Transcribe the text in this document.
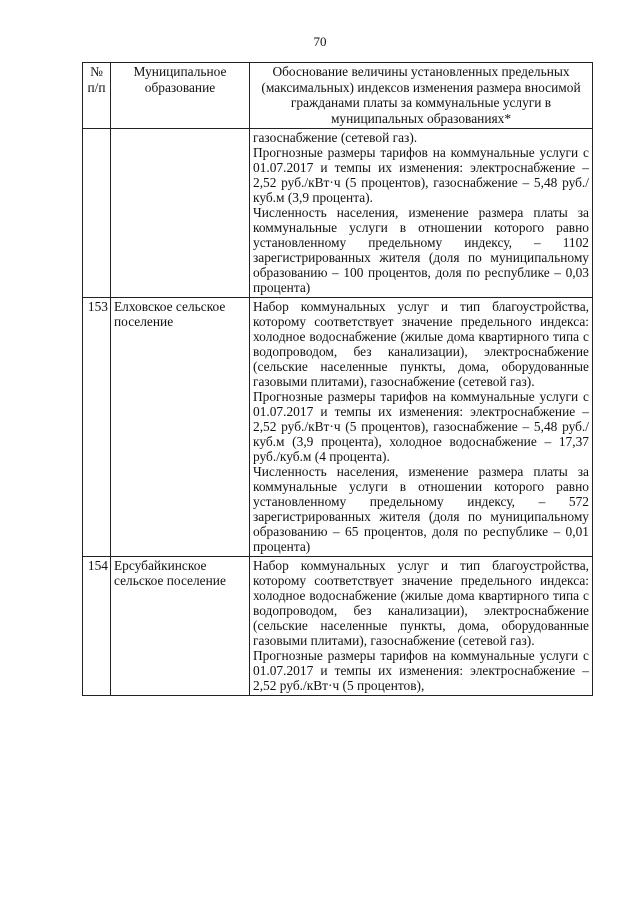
70
№ п/п	Муниципальное образование	Обоснование величины установленных предельных (максимальных) индексов изменения размера вносимой гражданами платы за коммунальные услуги в муниципальных образованиях*

		газоснабжение (сетевой газ).

Прогнозные размеры тарифов на коммунальные услуги с 01.07.2017 и темпы их изменения: электроснабжение – 2,52 руб./кВт·ч (5 процентов), газоснабжение – 5,48 руб./куб.м (3,9 процента).

Численность населения, изменение размера платы за коммунальные услуги в отношении которого равно установленному предельному индексу, – 1102 зарегистрированных жителя (доля по муниципальному образованию – 100 процентов, доля по республике – 0,03 процента)

153	Елховское сельское поселение	Набор коммунальных услуг и тип благоустройства, которому соответствует значение предельного индекса: холодное водоснабжение (жилые дома квартирного типа с водопроводом, без канализации), электроснабжение (сельские населенные пункты, дома, оборудованные газовыми плитами), газоснабжение (сетевой газ).

Прогнозные размеры тарифов на коммунальные услуги с 01.07.2017 и темпы их изменения: электроснабжение – 2,52 руб./кВт·ч (5 процентов), газоснабжение – 5,48 руб./куб.м (3,9 процента), холодное водоснабжение – 17,37 руб./куб.м (4 процента).

Численность населения, изменение размера платы за коммунальные услуги в отношении которого равно установленному предельному индексу, – 572 зарегистрированных жителя (доля по муниципальному образованию – 65 процентов, доля по республике – 0,01 процента)

154	Ерсубайкинское сельское поселение	Набор коммунальных услуг и тип благоустройства, которому соответствует значение предельного индекса: холодное водоснабжение (жилые дома квартирного типа с водопроводом, без канализации), электроснабжение (сельские населенные пункты, дома, оборудованные газовыми плитами), газоснабжение (сетевой газ).

Прогнозные размеры тарифов на коммунальные услуги с 01.07.2017 и темпы их изменения: электроснабжение – 2,52 руб./кВт·ч (5 процентов),
